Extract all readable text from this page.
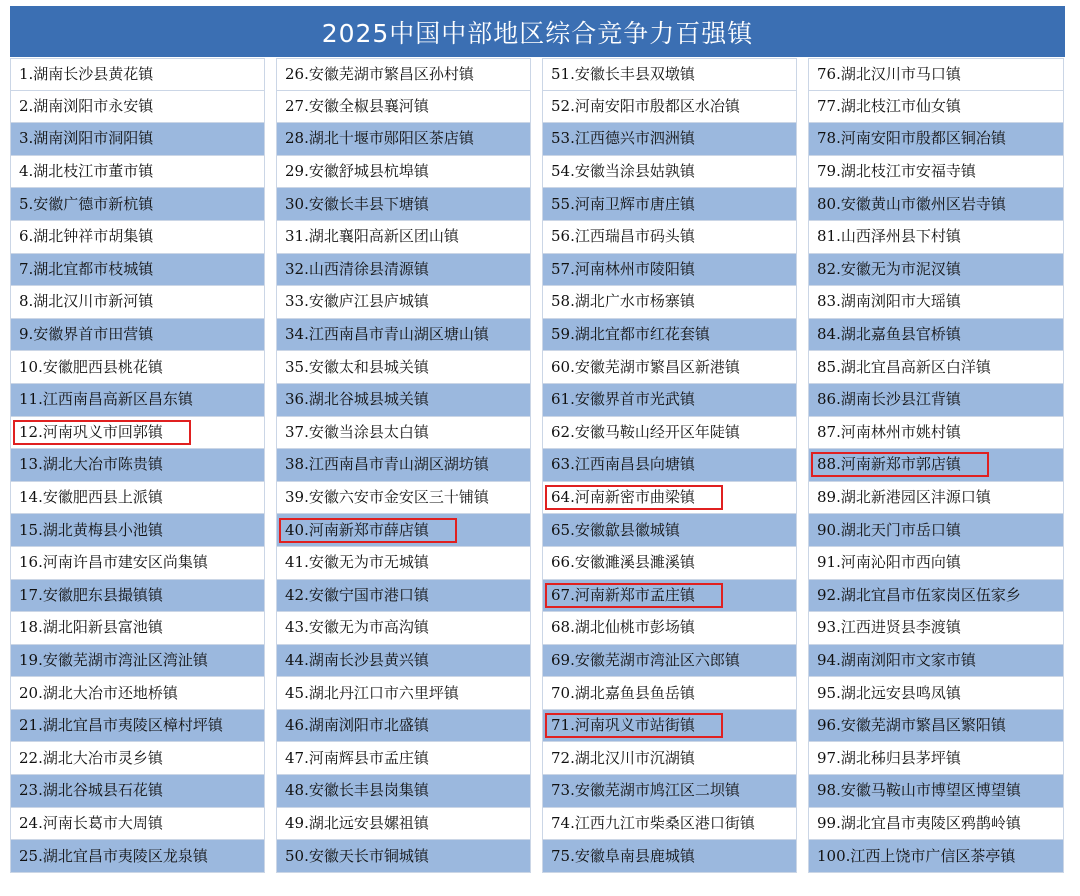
2025中国中部地区综合竞争力百强镇
1.湖南长沙县黄花镇
2.湖南浏阳市永安镇
3.湖南浏阳市洞阳镇
4.湖北枝江市董市镇
5.安徽广德市新杭镇
6.湖北钟祥市胡集镇
7.湖北宜都市枝城镇
8.湖北汉川市新河镇
9.安徽界首市田营镇
10.安徽肥西县桃花镇
11.江西南昌高新区昌东镇
12.河南巩义市回郭镇
13.湖北大冶市陈贵镇
14.安徽肥西县上派镇
15.湖北黄梅县小池镇
16.河南许昌市建安区尚集镇
17.安徽肥东县撮镇镇
18.湖北阳新县富池镇
19.安徽芜湖市湾沚区湾沚镇
20.湖北大冶市还地桥镇
21.湖北宜昌市夷陵区樟村坪镇
22.湖北大冶市灵乡镇
23.湖北谷城县石花镇
24.河南长葛市大周镇
25.湖北宜昌市夷陵区龙泉镇
26.安徽芜湖市繁昌区孙村镇
27.安徽全椒县襄河镇
28.湖北十堰市郧阳区茶店镇
29.安徽舒城县杭埠镇
30.安徽长丰县下塘镇
31.湖北襄阳高新区团山镇
32.山西清徐县清源镇
33.安徽庐江县庐城镇
34.江西南昌市青山湖区塘山镇
35.安徽太和县城关镇
36.湖北谷城县城关镇
37.安徽当涂县太白镇
38.江西南昌市青山湖区湖坊镇
39.安徽六安市金安区三十铺镇
40.河南新郑市薛店镇
41.安徽无为市无城镇
42.安徽宁国市港口镇
43.安徽无为市高沟镇
44.湖南长沙县黄兴镇
45.湖北丹江口市六里坪镇
46.湖南浏阳市北盛镇
47.河南辉县市孟庄镇
48.安徽长丰县岗集镇
49.湖北远安县嫘祖镇
50.安徽天长市铜城镇
51.安徽长丰县双墩镇
52.河南安阳市殷都区水冶镇
53.江西德兴市泗洲镇
54.安徽当涂县姑孰镇
55.河南卫辉市唐庄镇
56.江西瑞昌市码头镇
57.河南林州市陵阳镇
58.湖北广水市杨寨镇
59.湖北宜都市红花套镇
60.安徽芜湖市繁昌区新港镇
61.安徽界首市光武镇
62.安徽马鞍山经开区年陡镇
63.江西南昌县向塘镇
64.河南新密市曲梁镇
65.安徽歙县徽城镇
66.安徽濉溪县濉溪镇
67.河南新郑市孟庄镇
68.湖北仙桃市彭场镇
69.安徽芜湖市湾沚区六郎镇
70.湖北嘉鱼县鱼岳镇
71.河南巩义市站街镇
72.湖北汉川市沉湖镇
73.安徽芜湖市鸠江区二坝镇
74.江西九江市柴桑区港口街镇
75.安徽阜南县鹿城镇
76.湖北汉川市马口镇
77.湖北枝江市仙女镇
78.河南安阳市殷都区铜冶镇
79.湖北枝江市安福寺镇
80.安徽黄山市徽州区岩寺镇
81.山西泽州县下村镇
82.安徽无为市泥汊镇
83.湖南浏阳市大瑶镇
84.湖北嘉鱼县官桥镇
85.湖北宜昌高新区白洋镇
86.湖南长沙县江背镇
87.河南林州市姚村镇
88.河南新郑市郭店镇
89.湖北新港园区沣源口镇
90.湖北天门市岳口镇
91.河南沁阳市西向镇
92.湖北宜昌市伍家岗区伍家乡
93.江西进贤县李渡镇
94.湖南浏阳市文家市镇
95.湖北远安县鸣凤镇
96.安徽芜湖市繁昌区繁阳镇
97.湖北秭归县茅坪镇
98.安徽马鞍山市博望区博望镇
99.湖北宜昌市夷陵区鸦鹊岭镇
100.江西上饶市广信区茶亭镇
